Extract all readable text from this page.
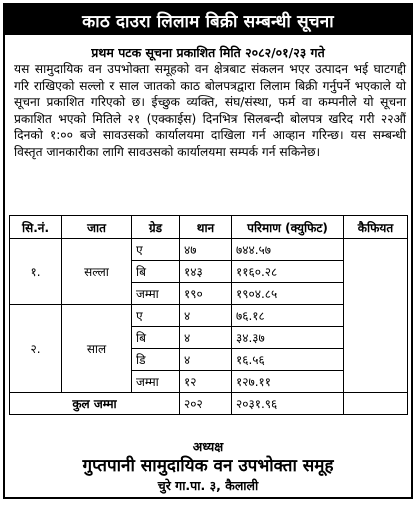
काठ दाउरा लिलाम बिक्री सम्बन्धी सूचना
प्रथम पटक सूचना प्रकाशित मिति २०८२/०१/२३ गते
यस सामुदायिक वन उपभोक्ता समूहको वन क्षेत्रबाट संकलन भएर उत्पादन भई घाटगद्दी गरि राखिएको सल्लो र साल जातको काठ बोलपत्रद्वारा लिलाम बिक्री गर्नुपर्ने भएकाले यो सूचना प्रकाशित गरिएको छ। ईच्छुक व्यक्ति, संघ/संस्था, फर्म वा कम्पनीले यो सूचना प्रकाशित भएको मितिले २१ (एक्काईस) दिनभित्र सिलबन्दी बोलपत्र खरिद गरी २२औं दिनको १:०० बजे सावउसको कार्यालयमा दाखिला गर्न आव्हान गरिन्छ। यस सम्बन्धी विस्तृत जानकारीका लागि सावउसको कार्यालयमा सम्पर्क गर्न सकिनेछ।
सि.नं.	जात	ग्रेड	थान	परिमाण (क्युफिट)	कैफियत
१.	सल्ला	ए	४७	७४४.५७	
		बि	१४३	११६०.२८	
		जम्मा	१९०	१९०४.८५	
२.	साल	ए	४	७६.१८	
		बि	४	३४.३७	
		डि	४	१६.५६	
		जम्मा	१२	१२७.११	
कुल जम्मा			२०२	२०३१.९६	
अध्यक्ष
गुप्तपानी सामुदायिक वन उपभोक्ता समूह
चुरे गा.पा. ३, कैलाली
